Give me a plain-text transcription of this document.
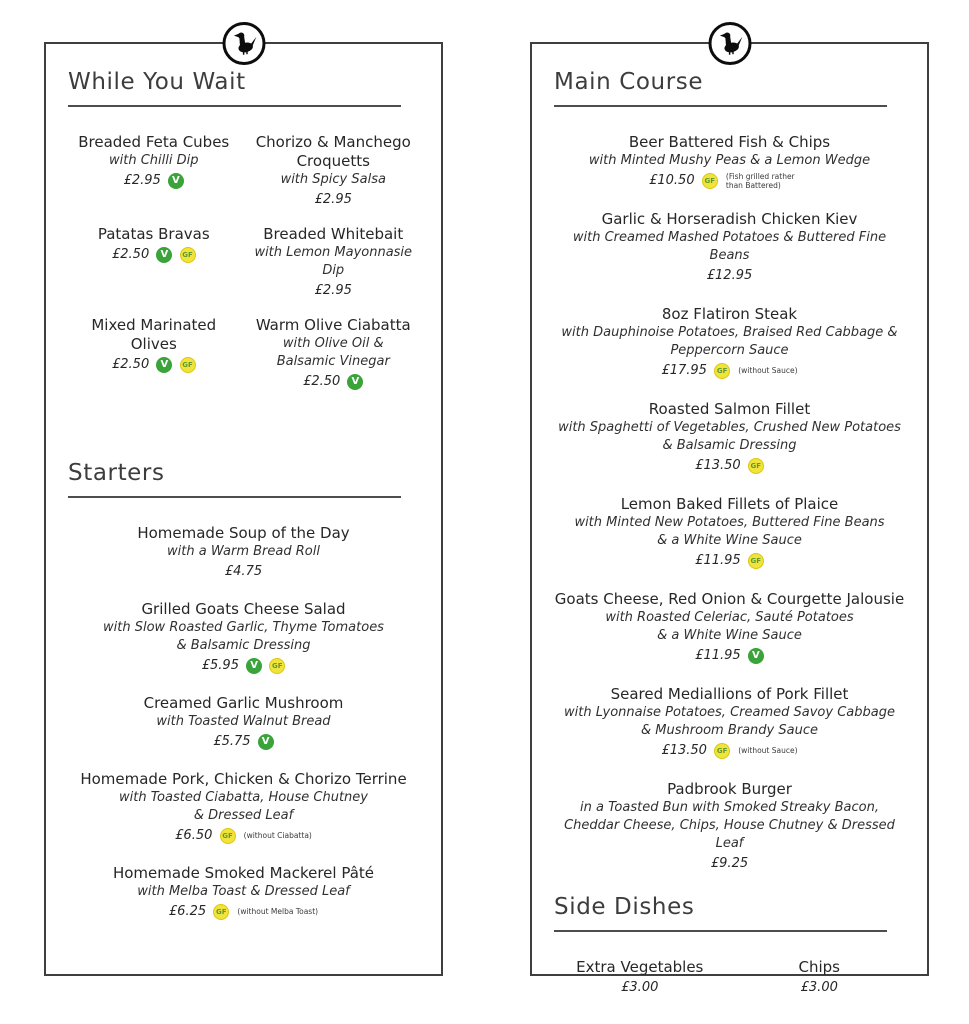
While You Wait
Breaded Feta Cubes
with Chilli Dip
£2.95 V
Chorizo & Manchego Croquetts
with Spicy Salsa
£2.95
Patatas Bravas
£2.50 V GF
Breaded Whitebait
with Lemon Mayonnasie Dip
£2.95
Mixed Marinated Olives
£2.50 V GF
Warm Olive Ciabatta
with Olive Oil &
Balsamic Vinegar
£2.50 V
Starters
Homemade Soup of the Day
with a Warm Bread Roll
£4.75
Grilled Goats Cheese Salad
with Slow Roasted Garlic, Thyme Tomatoes
& Balsamic Dressing
£5.95 V GF
Creamed Garlic Mushroom
with Toasted Walnut Bread
£5.75 V
Homemade Pork, Chicken & Chorizo Terrine
with Toasted Ciabatta, House Chutney
& Dressed Leaf
£6.50 GF (without Ciabatta)
Homemade Smoked Mackerel Pâté
with Melba Toast & Dressed Leaf
£6.25 GF (without Melba Toast)
Main Course
Beer Battered Fish & Chips
with Minted Mushy Peas & a Lemon Wedge
£10.50 GF (Fish grilled rather than Battered)
Garlic & Horseradish Chicken Kiev
with Creamed Mashed Potatoes & Buttered Fine Beans
£12.95
8oz Flatiron Steak
with Dauphinoise Potatoes, Braised Red Cabbage &
Peppercorn Sauce
£17.95 GF (without Sauce)
Roasted Salmon Fillet
with Spaghetti of Vegetables, Crushed New Potatoes
& Balsamic Dressing
£13.50 GF
Lemon Baked Fillets of Plaice
with Minted New Potatoes, Buttered Fine Beans
& a White Wine Sauce
£11.95 GF
Goats Cheese, Red Onion & Courgette Jalousie
with Roasted Celeriac, Sauté Potatoes
& a White Wine Sauce
£11.95 V
Seared Mediallions of Pork Fillet
with Lyonnaise Potatoes, Creamed Savoy Cabbage
& Mushroom Brandy Sauce
£13.50 GF (without Sauce)
Padbrook Burger
in a Toasted Bun with Smoked Streaky Bacon,
Cheddar Cheese, Chips, House Chutney & Dressed Leaf
£9.25
Side Dishes
Extra Vegetables
£3.00
Chips
£3.00
